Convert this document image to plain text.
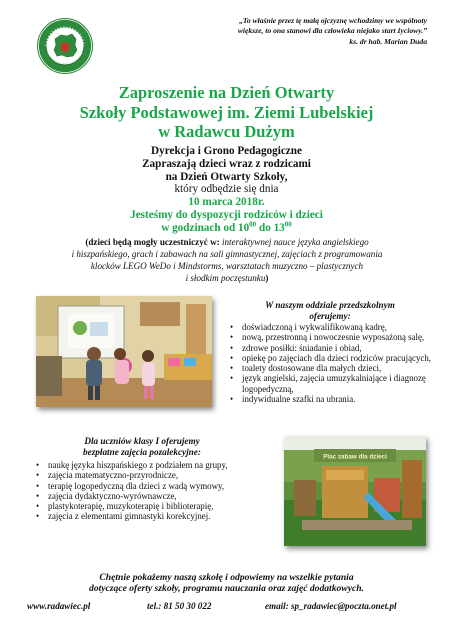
„To właśnie przez tę małą ojczyznę wchodzimy we wspólnoty
większe, to ona stanowi dla człowieka niejako start życiowy.”
ks. dr hab. Marian Duda
Zaproszenie na Dzień Otwarty
Szkoły Podstawowej im. Ziemi Lubelskiej
w Radawcu Dużym
Dyrekcja i Grono Pedagogiczne
Zapraszają dzieci wraz z rodzicami
na Dzień Otwarty Szkoły,
który odbędzie się dnia
10 marca 2018r.
Jesteśmy do dyspozycji rodziców i dzieci
w godzinach od $10^{00}$ do $13^{00}$
(dzieci będą mogły uczestniczyć w: interaktywnej nauce języka angielskiego
i hiszpańskiego, grach i zabawach na sali gimnastycznej, zajęciach z programowania
klocków LEGO WeDo i Mindstorms, warsztatach muzyczno – plastycznych
i słodkim poczęstunku)
W naszym oddziale przedszkolnym
oferujemy:
• doświadczoną i wykwalifikowaną kadrę,
• nową, przestronną i nowoczesnie wyposażoną salę,
• zdrowe posiłki: śniadanie i obiad,
• opiekę po zajęciach dla dzieci rodziców pracujących,
• toalety dostosowane dla małych dzieci,
• język angielski, zajęcia umuzykalniające i diagnozę logopedyczną,
• indywidualne szafki na ubrania.
Dla uczniów klasy I oferujemy
bezpłatne zajęcia pozalekcyjne:
• naukę języka hiszpańskiego z podziałem na grupy,
• zajęcia matematyczno-przyrodnicze,
• terapię logopedyczną dla dzieci z wadą wymowy,
• zajęcia dydaktyczno-wyrównawcze,
• plastykoterapię, muzykoterapię i biblioterapię,
• zajęcia z elementami gimnastyki korekcyjnej.
Plac zabaw dla dzieci
Chętnie pokażemy naszą szkołę i odpowiemy na wszelkie pytania
dotyczące oferty szkoły, programu nauczania oraz zajęć dodatkowych.
www.radawiec.pl	tel.: 81 50 30 022	email: sp_radawiec@poczta.onet.pl
